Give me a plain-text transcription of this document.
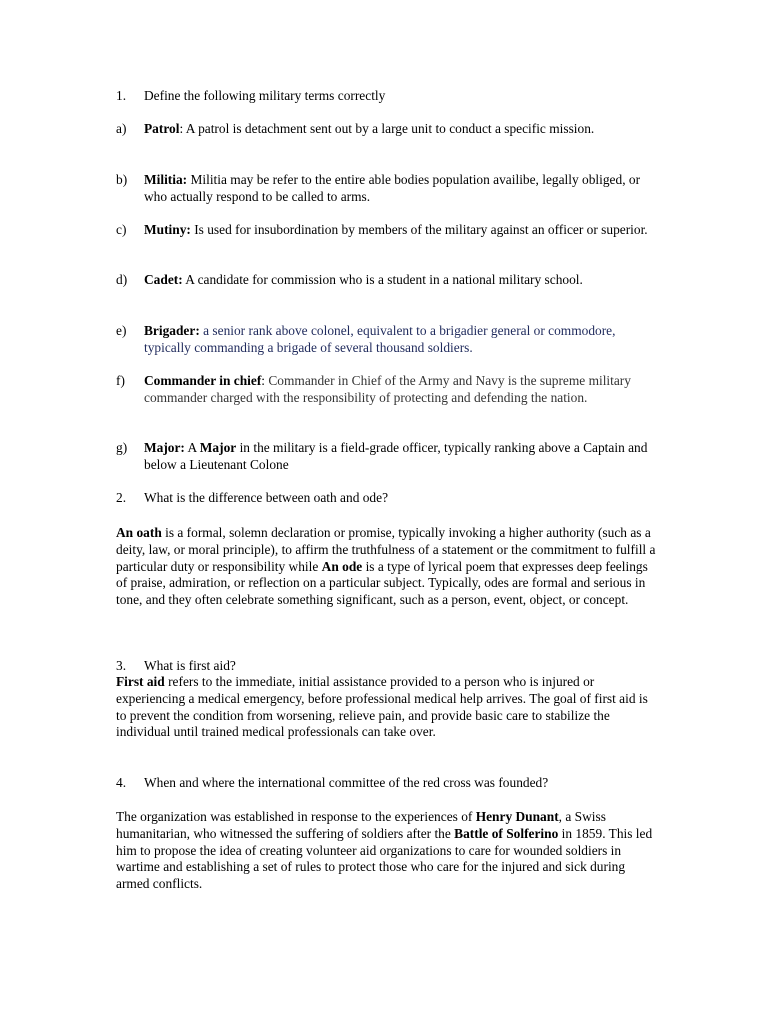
1.	Define the following military terms correctly
a)	Patrol: A patrol is detachment sent out by a large unit to conduct a specific mission.
b)	Militia: Militia may be refer to the entire able bodies population availibe, legally obliged, or who actually respond to be called to arms.
c)	Mutiny: Is used for insubordination by members of the military against an officer or superior.
d)	Cadet: A candidate for commission who is a student in a national military school.
e)	Brigader: a senior rank above colonel, equivalent to a brigadier general or commodore, typically commanding a brigade of several thousand soldiers.
f)	Commander in chief: Commander in Chief of the Army and Navy is the supreme military commander charged with the responsibility of protecting and defending the nation.
g)	Major: A Major in the military is a field-grade officer, typically ranking above a Captain and below a Lieutenant Colone
2.	What is the difference between oath and ode?

An oath is a formal, solemn declaration or promise, typically invoking a higher authority (such as a deity, law, or moral principle), to affirm the truthfulness of a statement or the commitment to fulfill a particular duty or responsibility while An ode is a type of lyrical poem that expresses deep feelings of praise, admiration, or reflection on a particular subject. Typically, odes are formal and serious in tone, and they often celebrate something significant, such as a person, event, object, or concept.

3.	What is first aid?

First aid refers to the immediate, initial assistance provided to a person who is injured or experiencing a medical emergency, before professional medical help arrives. The goal of first aid is to prevent the condition from worsening, relieve pain, and provide basic care to stabilize the individual until trained medical professionals can take over.

4.	When and where the international committee of the red cross was founded?

The organization was established in response to the experiences of Henry Dunant, a Swiss humanitarian, who witnessed the suffering of soldiers after the Battle of Solferino in 1859. This led him to propose the idea of creating volunteer aid organizations to care for wounded soldiers in wartime and establishing a set of rules to protect those who care for the injured and sick during armed conflicts.
